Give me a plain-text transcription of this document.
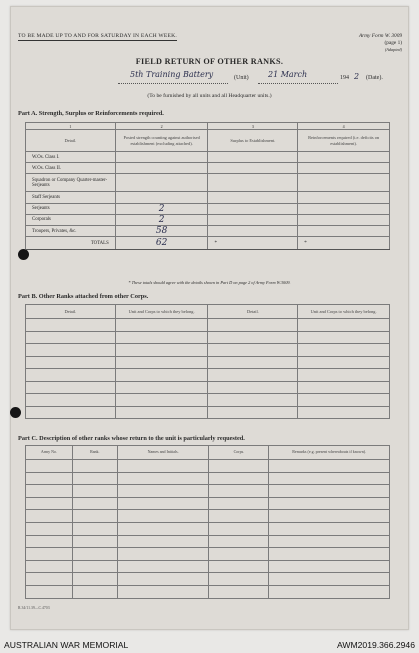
TO BE MADE UP TO AND FOR SATURDAY IN EACH WEEK.	Army Form W. 3009
(page 1)
(Adapted)
FIELD RETURN OF OTHER RANKS.
5th Training Battery	(Unit) 21 March	194 2 (Date).
(To be furnished by all units and all Headquarter units.)
Part A. Strength, Surplus or Reinforcements required.
1	2	3	4
Detail.	Posted strength counting against authorised establishment (excluding attached).	Surplus to Establishment.	Reinforcements required (i.e. deficits on establishment).
W.Os. Class I.			
W.Os. Class II.			
Squadron or Company Quarter-master-Serjeants			
Staff Serjeants			
Serjeants	2		
Corporals	2		
Troopers, Privates, &c.	58		
TOTALS	62	*	*
* These totals should agree with the details shown in Part D on page 2 of Army Form W.3009.
Part B. Other Ranks attached from other Corps.
Detail.	Unit and Corps to which they belong.	Detail.	Unit and Corps to which they belong.

Part C. Description of other ranks whose return to the unit is particularly requested.
Army No.	Rank.	Names and Initials.	Corps.	Remarks (e.g. present whereabouts if known).

R.34/11.39—C.4703
AUSTRALIAN WAR MEMORIAL	AWM2019.366.2946
